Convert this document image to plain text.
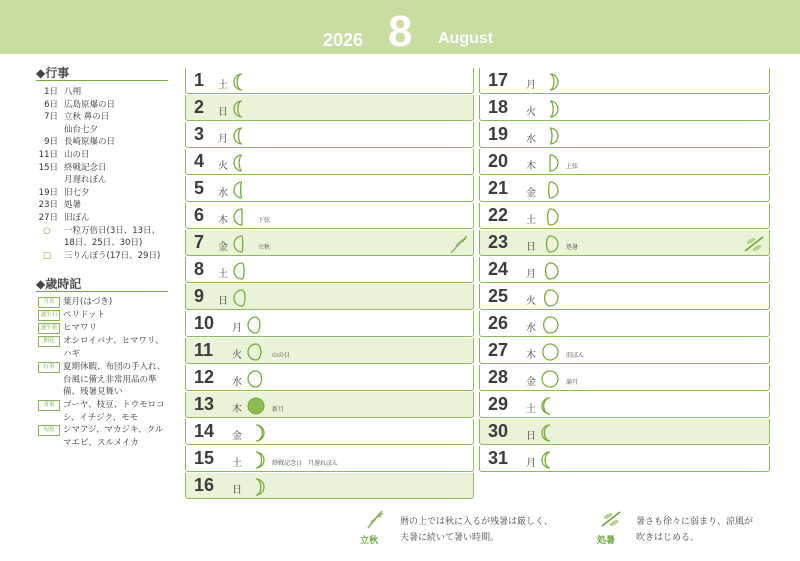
2026 8 August
◆行事
1日 八朔
6日 広島原爆の日
7日 立秋 鼻の日
仙台七夕
9日 長崎原爆の日
11日 山の日
15日 終戦記念日
月遅れぼん
19日 旧七夕
23日 処暑
27日 旧ぼん
○ 一粒万倍日(3日、13日、
18日、25日、30日)
□ 三りんぼう(17日、29日)
◆歳時記
月名	葉月(はづき)
誕生石 ペリドット
誕生花 ヒマワリ
開花	オシロイバナ、ヒマワリ、ハギ
行事	夏期休暇、布団の手入れ、台風に備え非常用品の準備、残暑見舞い
青果	ゴーヤ、枝豆、トウモロコシ、イチジク、モモ
旬魚	シマアジ、マカジキ、クルマエビ、スルメイカ
1 土
2 日
3 月
4 火
5 水
6 木	下弦
7 金	立秋
8 土
9 日
10 月
11 火	山の日
12 水
13 木	新月
14 金
15 土	終戦記念日　月遅れぼん
16 日
17 月
18 火
19 水
20 木	上弦
21 金
22 土
23 日	処暑
24 月
25 火
26 水
27 木	旧ぼん
28 金	満月
29 土
30 日
31 月
立秋
暦の上では秋に入るが残暑は厳しく、
夫暑に続いて暑い時期。	処暑
暑さも徐々に弱まり、涼風が
吹きはじめる。
